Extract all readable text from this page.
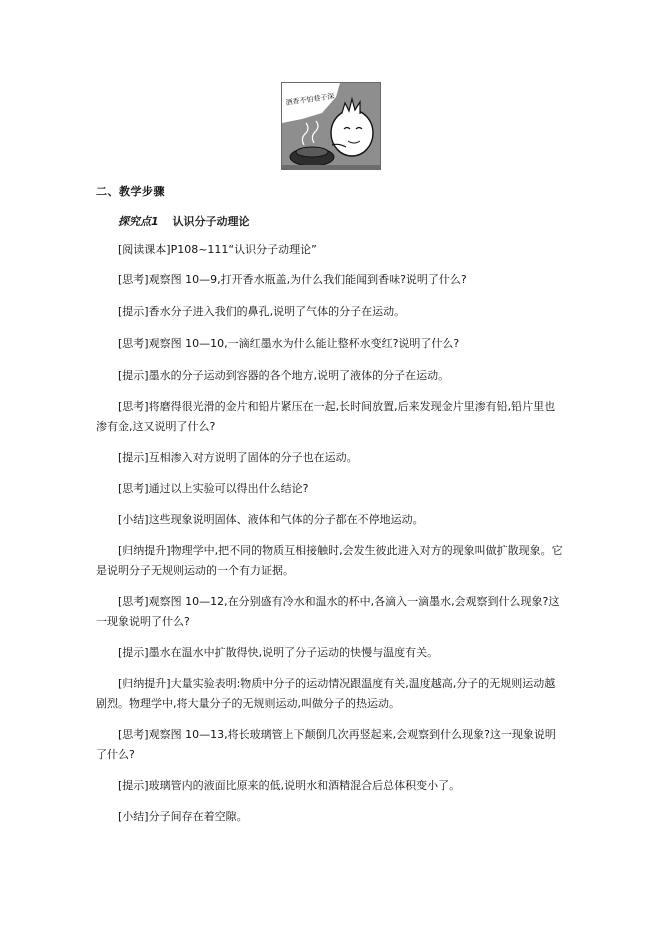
酒香不怕巷子深
二、教学步骤
探究点1 认识分子动理论
[阅读课本]P108~111“认识分子动理论”
[思考]观察图 10—9,打开香水瓶盖,为什么我们能闻到香味?说明了什么?
[提示]香水分子进入我们的鼻孔,说明了气体的分子在运动。
[思考]观察图 10—10,一滴红墨水为什么能让整杯水变红?说明了什么?
[提示]墨水的分子运动到容器的各个地方,说明了液体的分子在运动。
[思考]将磨得很光滑的金片和铅片紧压在一起,长时间放置,后来发现金片里渗有铅,铅片里也渗有金,这又说明了什么?
[提示]互相渗入对方说明了固体的分子也在运动。
[思考]通过以上实验可以得出什么结论?
[小结]这些现象说明固体、液体和气体的分子都在不停地运动。
[归纳提升]物理学中,把不同的物质互相接触时,会发生彼此进入对方的现象叫做扩散现象。它是说明分子无规则运动的一个有力证据。
[思考]观察图 10—12,在分别盛有冷水和温水的杯中,各滴入一滴墨水,会观察到什么现象?这一现象说明了什么?
[提示]墨水在温水中扩散得快,说明了分子运动的快慢与温度有关。
[归纳提升]大量实验表明:物质中分子的运动情况跟温度有关,温度越高,分子的无规则运动越剧烈。物理学中,将大量分子的无规则运动,叫做分子的热运动。
[思考]观察图 10—13,将长玻璃管上下颠倒几次再竖起来,会观察到什么现象?这一现象说明了什么?
[提示]玻璃管内的液面比原来的低,说明水和酒精混合后总体积变小了。
[小结]分子间存在着空隙。
